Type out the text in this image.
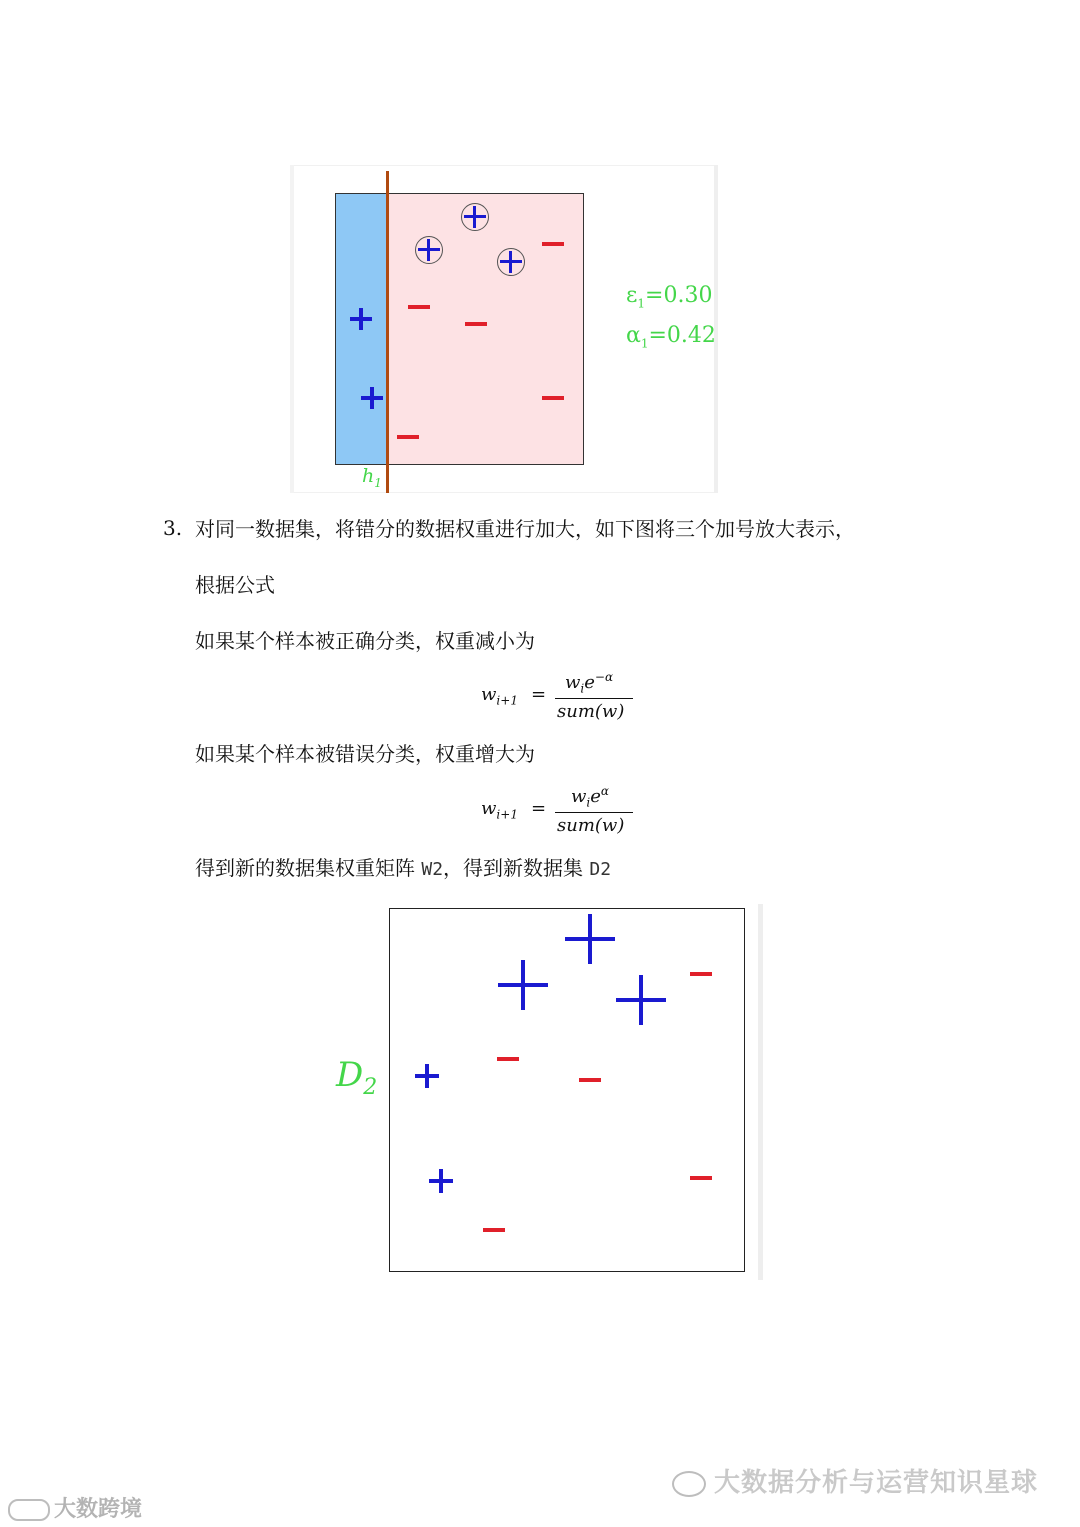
$\varepsilon_1=0.30$
$\alpha_1=0.42$
$h_1$
3. 对同一数据集，将错分的数据权重进行加大，如下图将三个加号放大表示，
根据公式
如果某个样本被正确分类，权重减小为
$w_{i+1}$ =
$w_ie^{-\alpha}$
sum(w)
如果某个样本被错误分类，权重增大为
$w_{i+1}$ =
$w_ie^\alpha$
sum(w)
得到新的数据集权重矩阵 W2，得到新数据集 D2
$D_2$
大数据分析与运营知识星球
大数跨境
